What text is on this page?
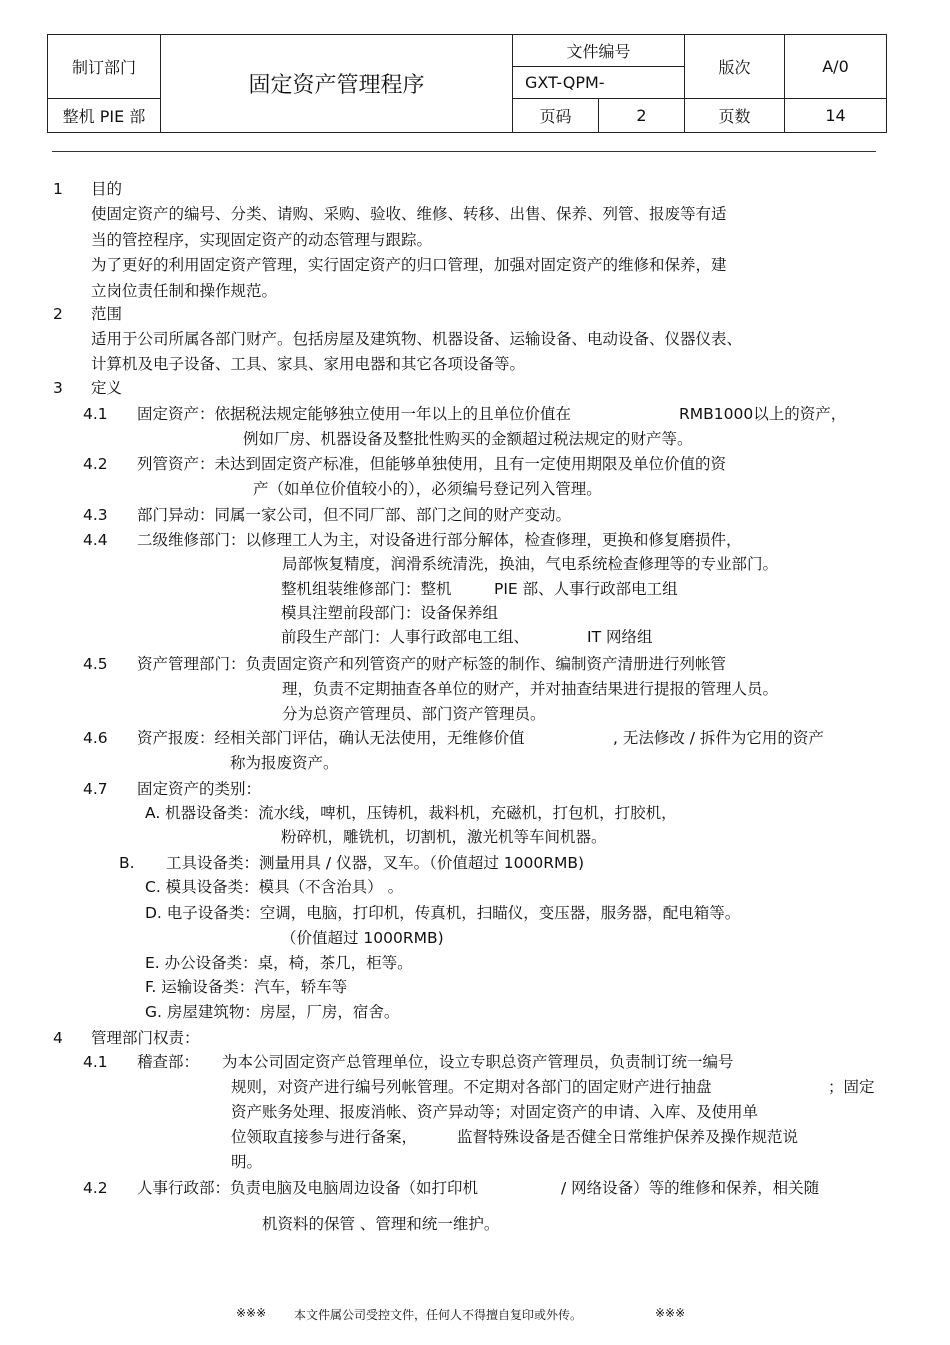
制订部门	固定资产管理程序	文件编号		版次	A/0
		GXT-QPM-			
整机 PIE 部		页码	2	页数	14
1 目的
使固定资产的编号、分类、请购、采购、验收、维修、转移、出售、保养、列管、报废等有适
当的管控程序，实现固定资产的动态管理与跟踪。
为了更好的利用固定资产管理，实行固定资产的归口管理，加强对固定资产的维修和保养，建
立岗位责任制和操作规范。
2 范围
适用于公司所属各部门财产。包括房屋及建筑物、机器设备、运输设备、电动设备、仪器仪表、
计算机及电子设备、工具、家具、家用电器和其它各项设备等。
3 定义
4.1 固定资产：依据税法规定能够独立使用一年以上的且单位价值在	RMB1000以上的资产，
例如厂房、机器设备及整批性购买的金额超过税法规定的财产等。
4.2 列管资产：未达到固定资产标准，但能够单独使用，且有一定使用期限及单位价值的资
产（如单位价值较小的），必须编号登记列入管理。
4.3 部门异动：同属一家公司，但不同厂部、部门之间的财产变动。
4.4 二级维修部门：以修理工人为主，对设备进行部分解体，检查修理，更换和修复磨损件，
局部恢复精度，润滑系统清洗，换油，气电系统检查修理等的专业部门。
整机组装维修部门：整机	PIE 部、人事行政部电工组
模具注塑前段部门：设备保养组
前段生产部门：人事行政部电工组、	IT 网络组
4.5 资产管理部门：负责固定资产和列管资产的财产标签的制作、编制资产清册进行列帐管
理，负责不定期抽查各单位的财产，并对抽查结果进行提报的管理人员。
分为总资产管理员、部门资产管理员。
4.6 资产报废：经相关部门评估，确认无法使用，无维修价值	, 无法修改 / 拆件为它用的资产
称为报废资产。
4.7 固定资产的类别：
A. 机器设备类：流水线，啤机，压铸机，裁料机，充磁机，打包机，打胶机，
粉碎机，雕铣机，切割机，激光机等车间机器。
B. 工具设备类：测量用具 / 仪器，叉车。（价值超过 1000RMB)
C. 模具设备类：模具（不含治具） 。
D. 电子设备类：空调，电脑，打印机，传真机，扫瞄仪，变压器，服务器，配电箱等。
（价值超过 1000RMB)
E. 办公设备类：桌，椅，茶几，柜等。
F. 运输设备类：汽车，轿车等
G. 房屋建筑物：房屋，厂房，宿舍。
4 管理部门权责：
4.1 稽查部： 为本公司固定资产总管理单位，设立专职总资产管理员，负责制订统一编号
规则，对资产进行编号列帐管理。不定期对各部门的固定财产进行抽盘	；固定
资产账务处理、报废消帐、资产异动等；对固定资产的申请、入库、及使用单
位领取直接参与进行备案，	监督特殊设备是否健全日常维护保养及操作规范说
明。
4.2 人事行政部：负责电脑及电脑周边设备（如打印机	/ 网络设备）等的维修和保养，相关随
机资料的保管 、管理和统一维护。
※※※ 本文件属公司受控文件，任何人不得擅自复印或外传。	※※※
